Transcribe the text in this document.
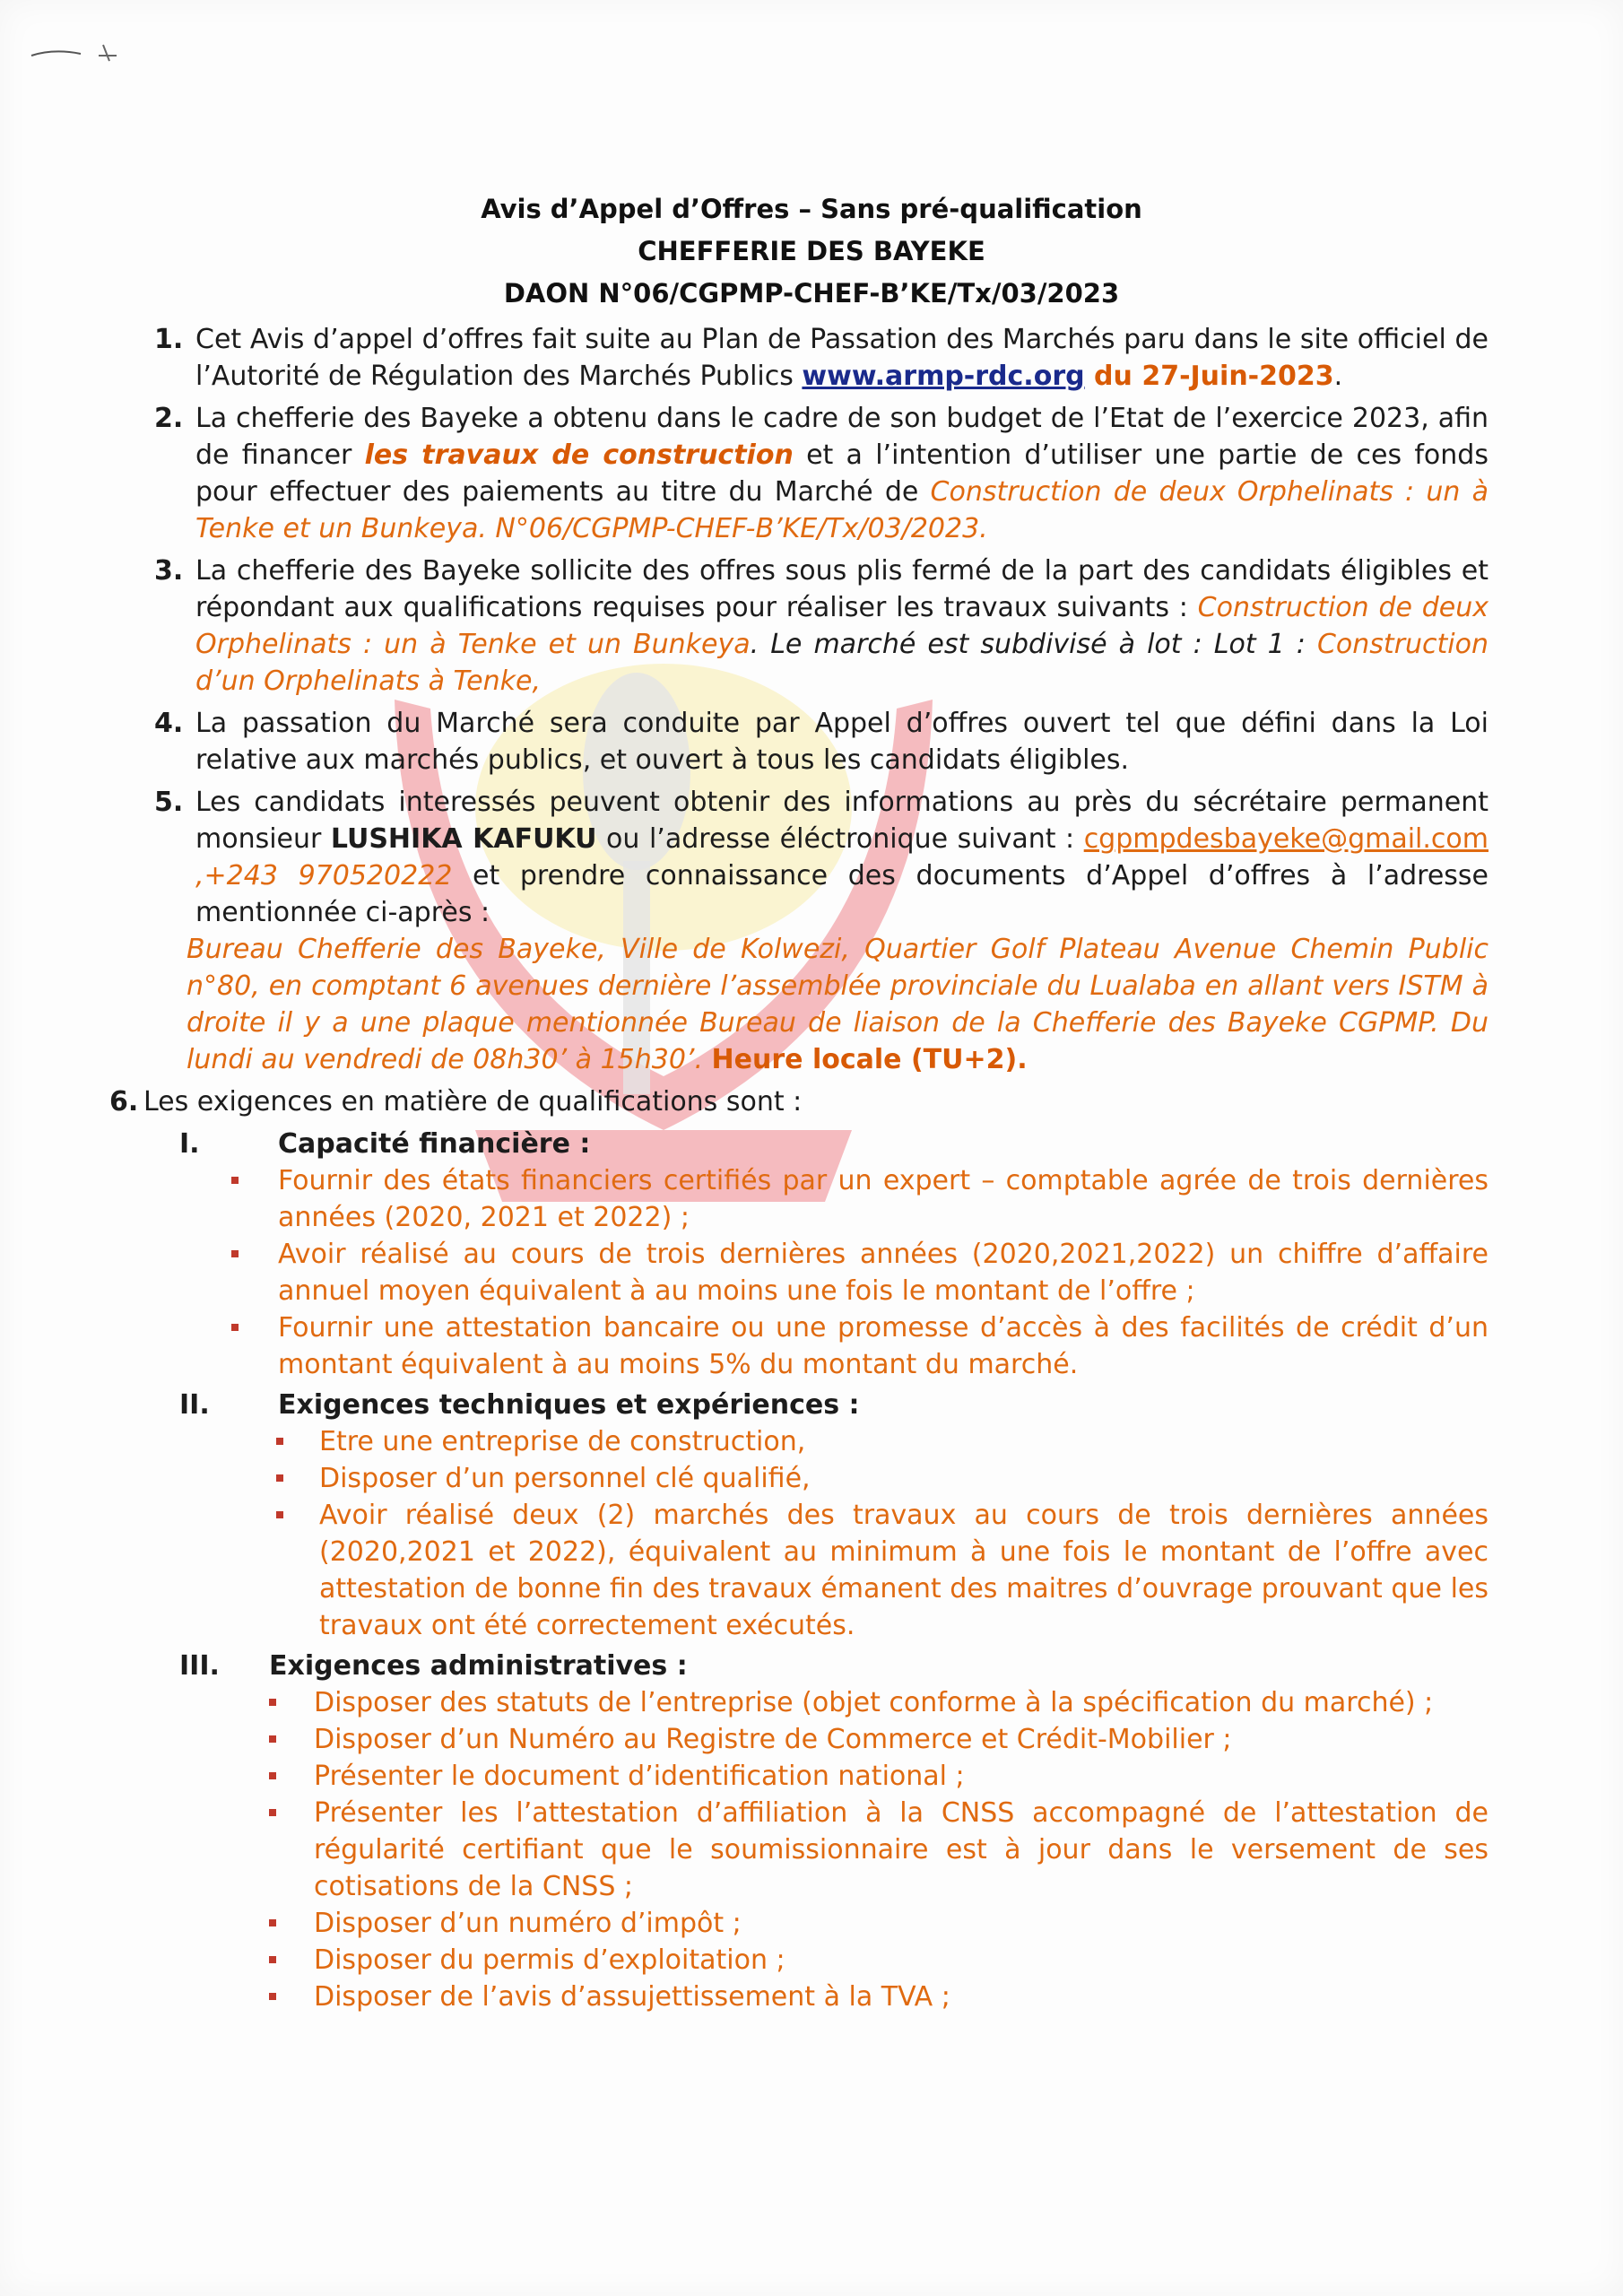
Avis d’Appel d’Offres – Sans pré-qualification
CHEFFERIE DES BAYEKE
DAON N°06/CGPMP-CHEF-B’KE/Tx/03/2023
1. Cet Avis d’appel d’offres fait suite au Plan de Passation des Marchés paru dans le site officiel de l’Autorité de Régulation des Marchés Publics www.armp-rdc.org du 27-Juin-2023.
2. La chefferie des Bayeke a obtenu dans le cadre de son budget de l’Etat de l’exercice 2023, afin de financer les travaux de construction et a l’intention d’utiliser une partie de ces fonds pour effectuer des paiements au titre du Marché de Construction de deux Orphelinats : un à Tenke et un Bunkeya. N°06/CGPMP-CHEF-B’KE/Tx/03/2023.
3. La chefferie des Bayeke sollicite des offres sous plis fermé de la part des candidats éligibles et répondant aux qualifications requises pour réaliser les travaux suivants : Construction de deux Orphelinats : un à Tenke et un Bunkeya. Le marché est subdivisé à lot : Lot 1 : Construction d’un Orphelinats à Tenke,
4. La passation du Marché sera conduite par Appel d’offres ouvert tel que défini dans la Loi relative aux marchés publics, et ouvert à tous les candidats éligibles.
5. Les candidats interessés peuvent obtenir des informations au près du sécrétaire permanent monsieur LUSHIKA KAFUKU ou l’adresse éléctronique suivant : cgpmpdesbayeke@gmail.com ,+243 970520222 et prendre connaissance des documents d’Appel d’offres à l’adresse mentionnée ci-après :
Bureau Chefferie des Bayeke, Ville de Kolwezi, Quartier Golf Plateau Avenue Chemin Public n°80, en comptant 6 avenues dernière l’assemblée provinciale du Lualaba en allant vers ISTM à droite il y a une plaque mentionnée Bureau de liaison de la Chefferie des Bayeke CGPMP. Du lundi au vendredi de 08h30’ à 15h30’. Heure locale (TU+2).
6. Les exigences en matière de qualifications sont :
I.	Capacité financière :
Fournir des états financiers certifiés par un expert – comptable agrée de trois dernières années (2020, 2021 et 2022) ;
Avoir réalisé au cours de trois dernières années (2020,2021,2022) un chiffre d’affaire annuel moyen équivalent à au moins une fois le montant de l’offre ;
Fournir une attestation bancaire ou une promesse d’accès à des facilités de crédit d’un montant équivalent à au moins 5% du montant du marché.
II.	Exigences techniques et expériences :
Etre une entreprise de construction,
Disposer d’un personnel clé qualifié,
Avoir réalisé deux (2) marchés des travaux au cours de trois dernières années (2020,2021 et 2022), équivalent au minimum à une fois le montant de l’offre avec attestation de bonne fin des travaux émanent des maitres d’ouvrage prouvant que les travaux ont été correctement exécutés.
III. Exigences administratives :
Disposer des statuts de l’entreprise (objet conforme à la spécification du marché) ;
Disposer d’un Numéro au Registre de Commerce et Crédit-Mobilier ;
Présenter le document d’identification national ;
Présenter les l’attestation d’affiliation à la CNSS accompagné de l’attestation de régularité certifiant que le soumissionnaire est à jour dans le versement de ses cotisations de la CNSS ;
Disposer d’un numéro d’impôt ;
Disposer du permis d’exploitation ;
Disposer de l’avis d’assujettissement à la TVA ;
